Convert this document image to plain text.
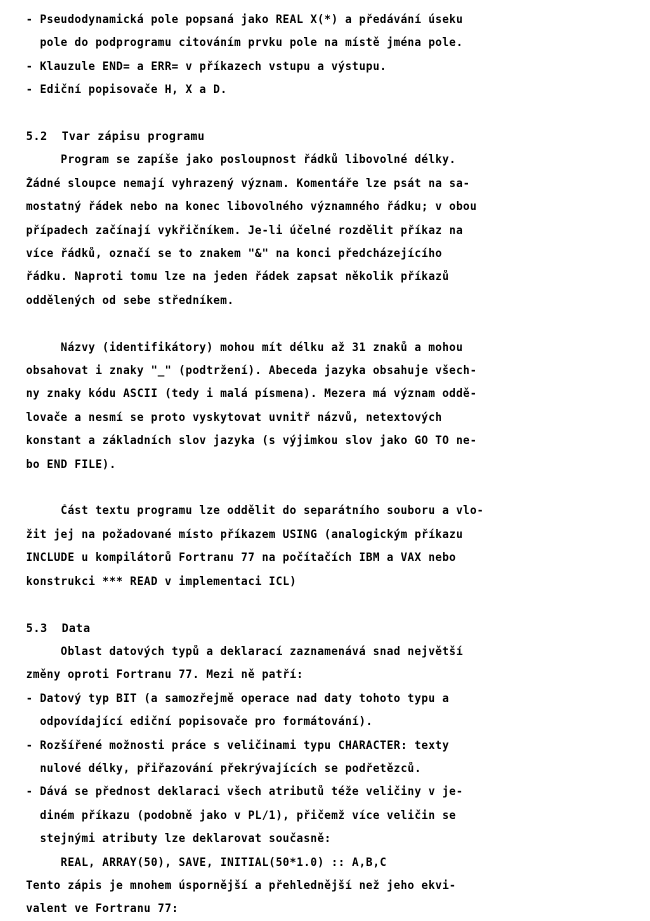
- Pseudodynamická pole popsaná jako REAL X(*) a předávání úseku
pole do podprogramu citováním prvku pole na místě jména pole.
- Klauzule END= a ERR= v příkazech vstupu a výstupu.
- Ediční popisovače H, X a D.
5.2  Tvar zápisu programu
Program se zapíše jako posloupnost řádků libovolné délky.
Žádné sloupce nemají vyhrazený význam. Komentáře lze psát na sa-
mostatný řádek nebo na konec libovolného významného řádku; v obou
případech začínají vykřičníkem. Je-li účelné rozdělit příkaz na
více řádků, označí se to znakem "&" na konci předcházejícího
řádku. Naproti tomu lze na jeden řádek zapsat několik příkazů
oddělených od sebe středníkem.
Názvy (identifikátory) mohou mít délku až 31 znaků a mohou
obsahovat i znaky "_" (podtržení). Abeceda jazyka obsahuje všech-
ny znaky kódu ASCII (tedy i malá písmena). Mezera má význam oddě-
lovače a nesmí se proto vyskytovat uvnitř názvů, netextových
konstant a základních slov jazyka (s výjimkou slov jako GO TO ne-
bo END FILE).
Část textu programu lze oddělit do separátního souboru a vlo-
žit jej na požadované místo příkazem USING (analogickým příkazu
INCLUDE u kompilátorů Fortranu 77 na počítačích IBM a VAX nebo
konstrukci *** READ v implementaci ICL)
5.3  Data
Oblast datových typů a deklarací zaznamenává snad největší
změny oproti Fortranu 77. Mezi ně patří:
- Datový typ BIT (a samozřejmě operace nad daty tohoto typu a
odpovídající ediční popisovače pro formátování).
- Rozšířené možnosti práce s veličinami typu CHARACTER: texty
nulové délky, přiřazování překrývajících se podřetězců.
- Dává se přednost deklaraci všech atributů téže veličiny v je-
diném příkazu (podobně jako v PL/1), přičemž více veličin se
stejnými atributy lze deklarovat současně:
REAL, ARRAY(50), SAVE, INITIAL(50*1.0) :: A,B,C
Tento zápis je mnohem úspornější a přehlednější než jeho ekvi-
valent ve Fortranu 77:
